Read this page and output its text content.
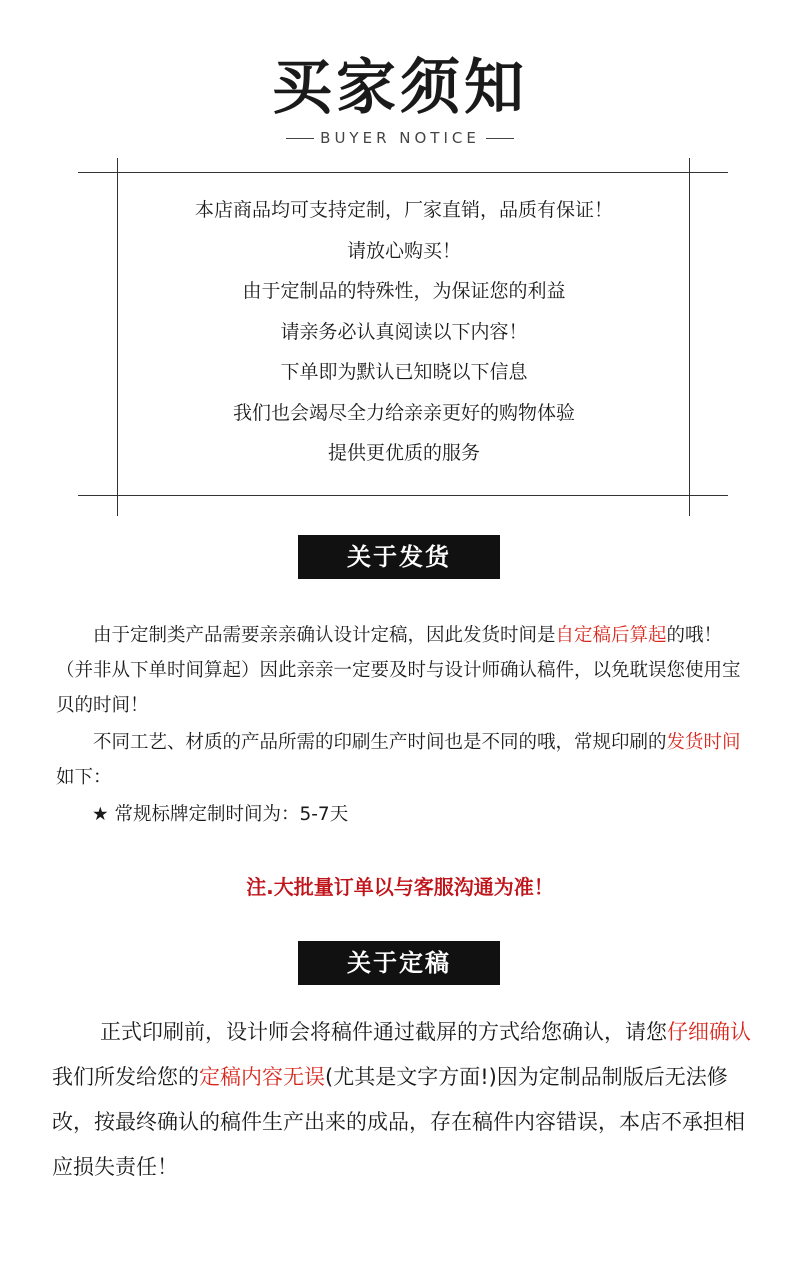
买家须知
BUYER NOTICE
本店商品均可支持定制，厂家直销，品质有保证！
请放心购买！
由于定制品的特殊性，为保证您的利益
请亲务必认真阅读以下内容！
下单即为默认已知晓以下信息
我们也会竭尽全力给亲亲更好的购物体验
提供更优质的服务
关于发货

由于定制类产品需要亲亲确认设计定稿，因此发货时间是自定稿后算起的哦！（并非从下单时间算起）因此亲亲一定要及时与设计师确认稿件，以免耽误您使用宝贝的时间！

不同工艺、材质的产品所需的印刷生产时间也是不同的哦，常规印刷的发货时间如下：

★ 常规标牌定制时间为：5-7天

注.大批量订单以与客服沟通为准！
关于定稿

正式印刷前，设计师会将稿件通过截屏的方式给您确认，请您仔细确认我们所发给您的定稿内容无误(尤其是文字方面!)因为定制品制版后无法修改，按最终确认的稿件生产出来的成品，存在稿件内容错误，本店不承担相应损失责任！
